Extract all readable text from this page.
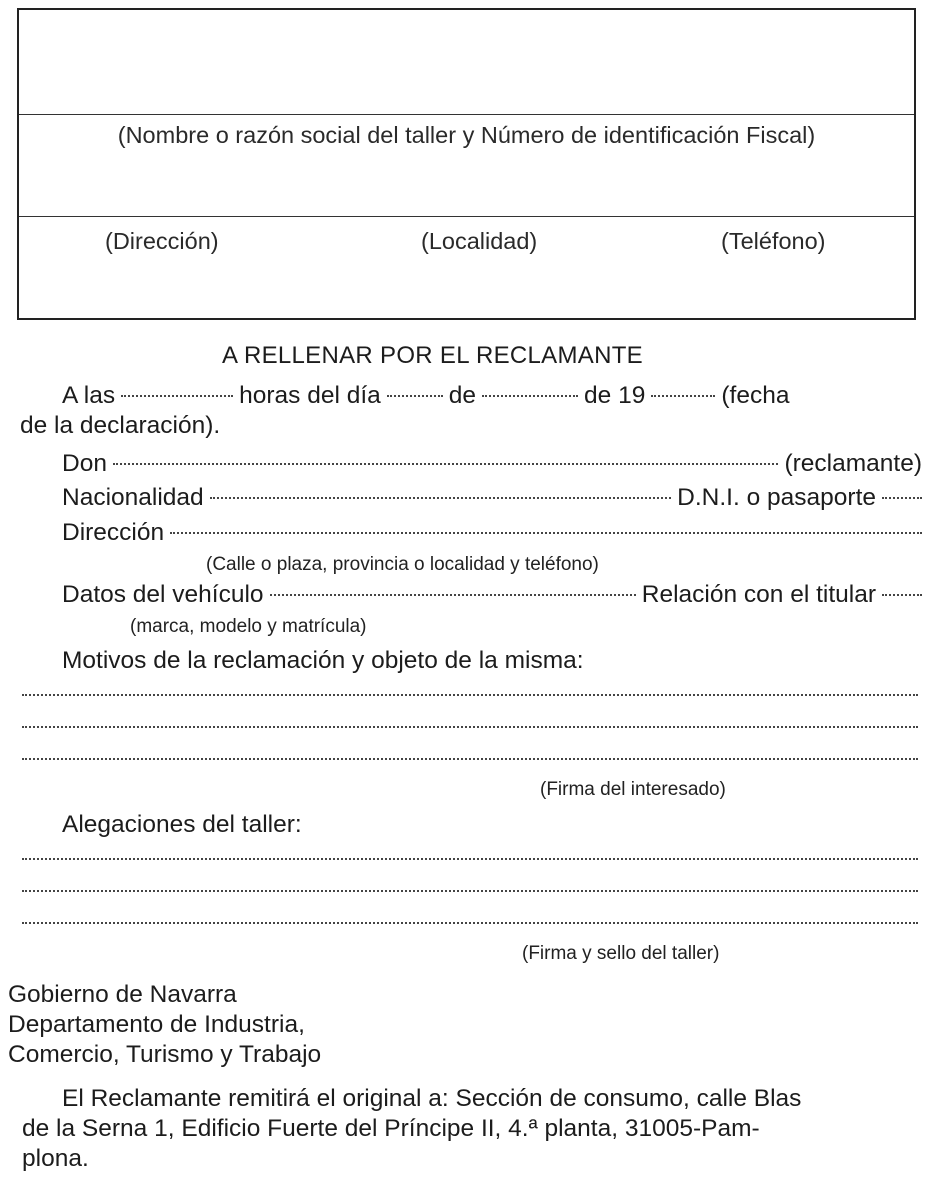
(Nombre o razón social del taller y Número de identificación Fiscal)
(Dirección)	(Localidad)	(Teléfono)
A RELLENAR POR EL RECLAMANTE
A las	horas del día	de	de 19	(fecha
de la declaración).
Don	(reclamante)
Nacionalidad	D.N.I. o pasaporte
Dirección
(Calle o plaza, provincia o localidad y teléfono)
Datos del vehículo	Relación con el titular
(marca, modelo y matrícula)
Motivos de la reclamación y objeto de la misma:
(Firma del interesado)
Alegaciones del taller:
(Firma y sello del taller)
Gobierno de Navarra
Departamento de Industria,
Comercio, Turismo y Trabajo
El Reclamante remitirá el original a: Sección de consumo, calle Blas
de la Serna 1, Edificio Fuerte del Príncipe II, 4.ª planta, 31005-Pam-
plona.
